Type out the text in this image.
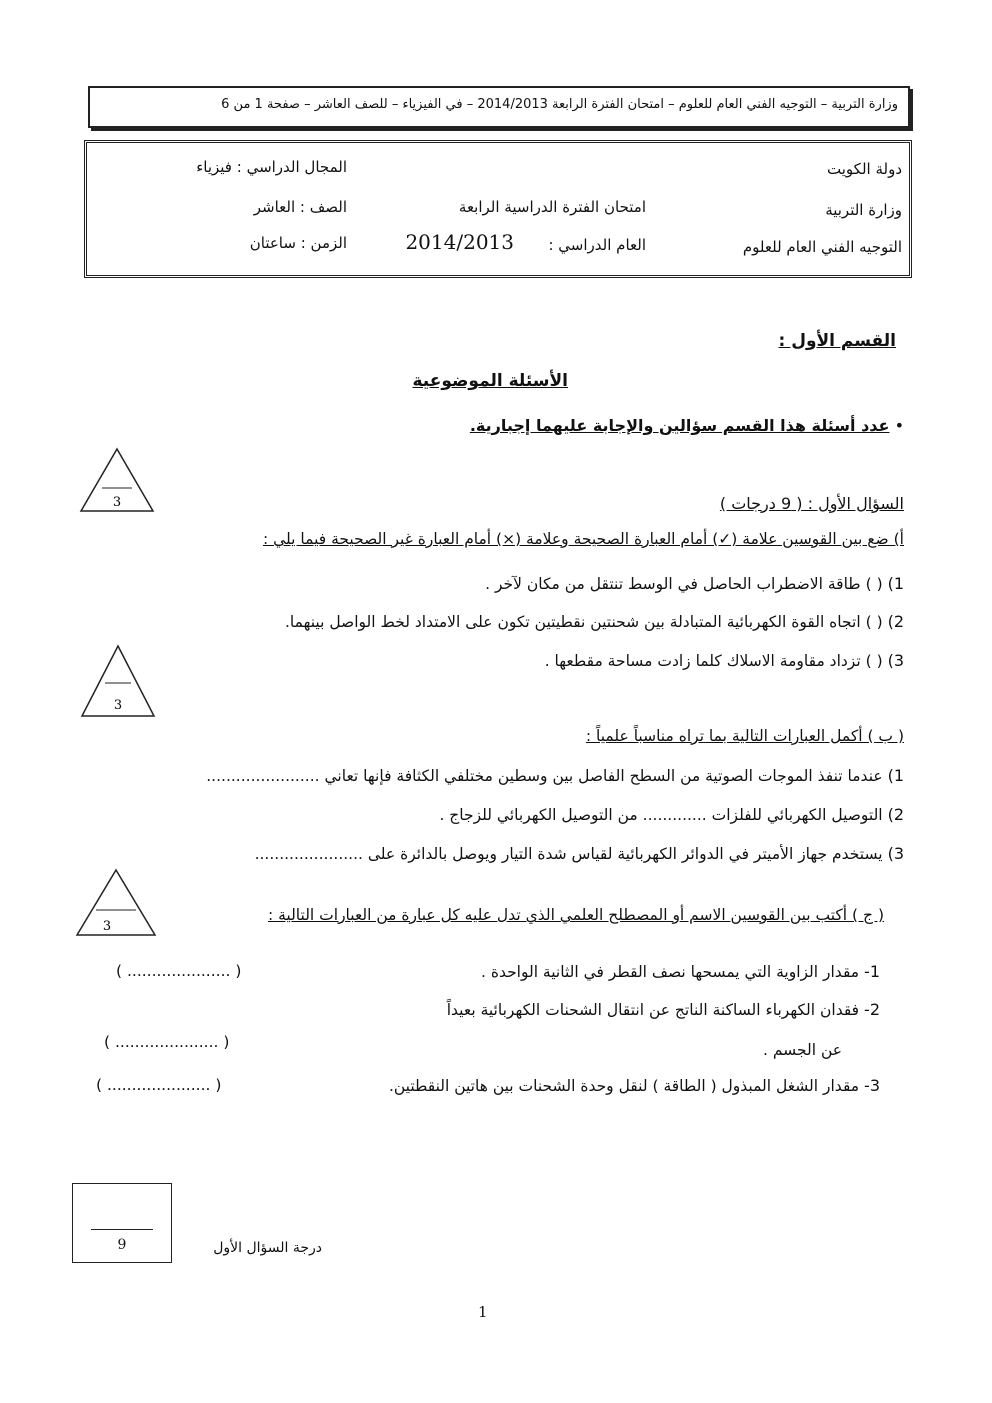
وزارة التربية – التوجيه الفني العام للعلوم – امتحان الفترة الرابعة 2014/2013 – في الفيزياء – للصف العاشر – صفحة 1 من 6
دولة الكويت
وزارة التربية
التوجيه الفني العام للعلوم
امتحان الفترة الدراسية الرابعة
العام الدراسي :
2014/2013
المجال الدراسي : فيزياء
الصف : العاشر
الزمن : ساعتان
القسم الأول :
الأسئلة الموضوعية
• عدد أسئلة هذا القسم سؤالين والإجابة عليهما إجبارية.
3
3
3
السؤال الأول : ( 9 درجات )
أ) ضع بين القوسين علامة (✓) أمام العبارة الصحيحة وعلامة (×) أمام العبارة غير الصحيحة فيما يلي :
1) ( ) طاقة الاضطراب الحاصل في الوسط تنتقل من مكان لآخر .
2) ( ) اتجاه القوة الكهربائية المتبادلة بين شحنتين نقطيتين تكون على الامتداد لخط الواصل بينهما.
3) ( ) تزداد مقاومة الاسلاك كلما زادت مساحة مقطعها .
( ب ) أكمل العبارات التالية بما تراه مناسباً علمياً :
1) عندما تنفذ الموجات الصوتية من السطح الفاصل بين وسطين مختلفي الكثافة فإنها تعاني .......................
2) التوصيل الكهربائي للفلزات ............. من التوصيل الكهربائي للزجاج .
3) يستخدم جهاز الأميتر في الدوائر الكهربائية لقياس شدة التيار ويوصل بالدائرة على ......................
( ج ) أكتب بين القوسين الاسم أو المصطلح العلمي الذي تدل عليه كل عبارة من العبارات التالية :
1- مقدار الزاوية التي يمسحها نصف القطر في الثانية الواحدة .
( ..................... )
2- فقدان الكهرباء الساكنة الناتج عن انتقال الشحنات الكهربائية بعيداً
عن الجسم .
( ..................... )
3- مقدار الشغل المبذول ( الطاقة ) لنقل وحدة الشحنات بين هاتين النقطتين.
( ..................... )
9	درجة السؤال الأول
1
